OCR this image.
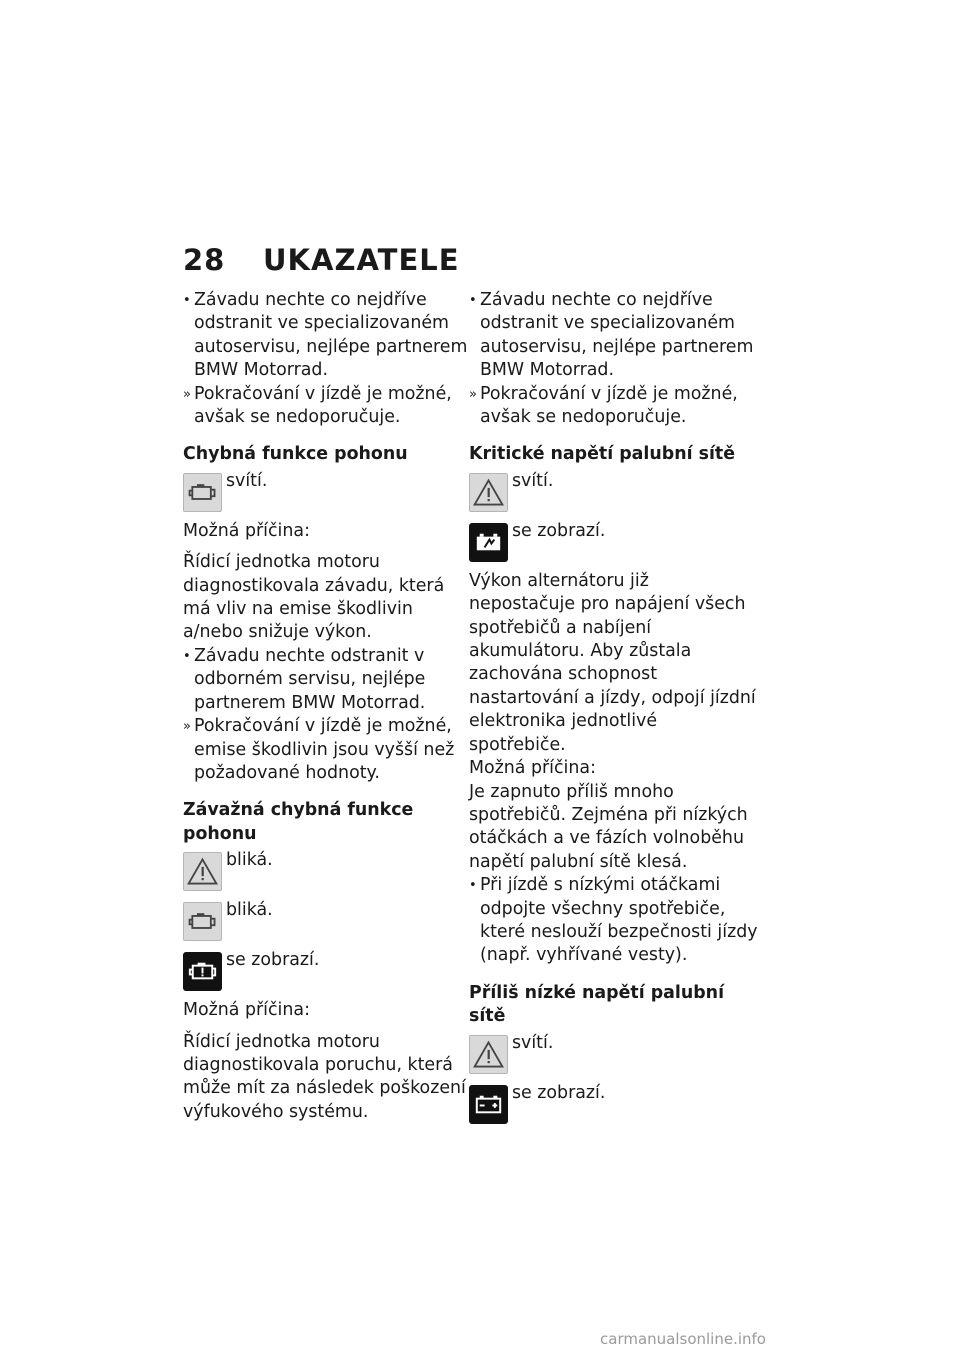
28 UKAZATELE
• Závadu nechte co nejdříve odstranit ve specializovaném autoservisu, nejlépe partnerem BMW Motorrad.
» Pokračování v jízdě je možné, avšak se nedoporučuje.
Chybná funkce pohonu
svítí.
Možná příčina:
Řídicí jednotka motoru diagnostikovala závadu, která má vliv na emise škodlivin a/nebo snižuje výkon.
• Závadu nechte odstranit v odborném servisu, nejlépe partnerem BMW Motorrad.
» Pokračování v jízdě je možné, emise škodlivin jsou vyšší než požadované hodnoty.
Závažná chybná funkce pohonu
bliká.
bliká.
se zobrazí.
Možná příčina:
Řídicí jednotka motoru diagnostikovala poruchu, která může mít za následek poškození výfukového systému.
• Závadu nechte co nejdříve odstranit ve specializovaném autoservisu, nejlépe partnerem BMW Motorrad.
» Pokračování v jízdě je možné, avšak se nedoporučuje.
Kritické napětí palubní sítě
svítí.
se zobrazí.
Výkon alternátoru již nepostačuje pro napájení všech spotřebičů a nabíjení akumulátoru. Aby zůstala zachována schopnost nastartování a jízdy, odpojí jízdní elektronika jednotlivé spotřebiče.
Možná příčina:
Je zapnuto příliš mnoho spotřebičů. Zejména při nízkých otáčkách a ve fázích volnoběhu napětí palubní sítě klesá.
• Při jízdě s nízkými otáčkami odpojte všechny spotřebiče, které neslouží bezpečnosti jízdy (např. vyhřívané vesty).
Příliš nízké napětí palubní sítě
svítí.
se zobrazí.
carmanualsonline.info
